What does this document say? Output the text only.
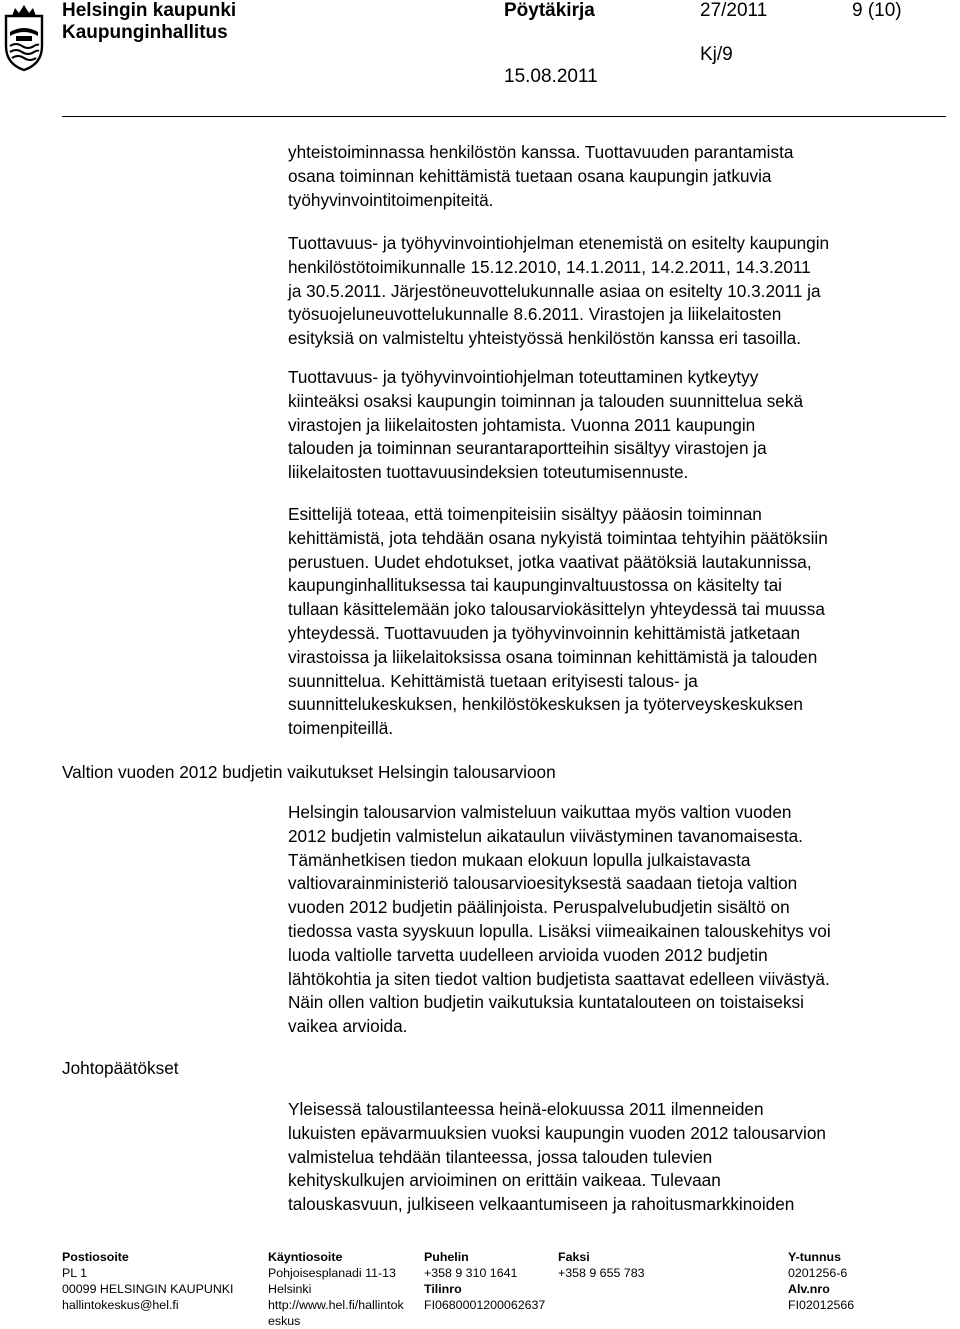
Helsingin kaupunki
Kaupunginhallitus
Pöytäkirja	27/2011	9 (10)
Kj/9
15.08.2011

yhteistoiminnassa henkilöstön kanssa. Tuottavuuden parantamista
osana toiminnan kehittämistä tuetaan osana kaupungin jatkuvia
työhyvinvointitoimenpiteitä.

Tuottavuus- ja työhyvinvointiohjelman etenemistä on esitelty kaupungin
henkilöstötoimikunnalle 15.12.2010, 14.1.2011, 14.2.2011, 14.3.2011
ja 30.5.2011. Järjestöneuvottelukunnalle asiaa on esitelty 10.3.2011 ja
työsuojeluneuvottelukunnalle 8.6.2011. Virastojen ja liikelaitosten
esityksiä on valmisteltu yhteistyössä henkilöstön kanssa eri tasoilla.

Tuottavuus- ja työhyvinvointiohjelman toteuttaminen kytkeytyy
kiinteäksi osaksi kaupungin toiminnan ja talouden suunnittelua sekä
virastojen ja liikelaitosten johtamista. Vuonna 2011 kaupungin
talouden ja toiminnan seurantaraportteihin sisältyy virastojen ja
liikelaitosten tuottavuusindeksien toteutumisennuste.

Esittelijä toteaa, että toimenpiteisiin sisältyy pääosin toiminnan
kehittämistä, jota tehdään osana nykyistä toimintaa tehtyihin päätöksiin
perustuen. Uudet ehdotukset, jotka vaativat päätöksiä lautakunnissa,
kaupunginhallituksessa tai kaupunginvaltuustossa on käsitelty tai
tullaan käsittelemään joko talousarviokäsittelyn yhteydessä tai muussa
yhteydessä. Tuottavuuden ja työhyvinvoinnin kehittämistä jatketaan
virastoissa ja liikelaitoksissa osana toiminnan kehittämistä ja talouden
suunnittelua. Kehittämistä tuetaan erityisesti talous- ja
suunnittelukeskuksen, henkilöstökeskuksen ja työterveyskeskuksen
toimenpiteillä.

Valtion vuoden 2012 budjetin vaikutukset Helsingin talousarvioon

Helsingin talousarvion valmisteluun vaikuttaa myös valtion vuoden
2012 budjetin valmistelun aikataulun viivästyminen tavanomaisesta.
Tämänhetkisen tiedon mukaan elokuun lopulla julkaistavasta
valtiovarainministeriö talousarvioesityksestä saadaan tietoja valtion
vuoden 2012 budjetin päälinjoista. Peruspalvelubudjetin sisältö on
tiedossa vasta syyskuun lopulla. Lisäksi viimeaikainen talouskehitys voi
luoda valtiolle tarvetta uudelleen arvioida vuoden 2012 budjetin
lähtökohtia ja siten tiedot valtion budjetista saattavat edelleen viivästyä.
Näin ollen valtion budjetin vaikutuksia kuntatalouteen on toistaiseksi
vaikea arvioida.

Johtopäätökset

Yleisessä taloustilanteessa heinä-elokuussa 2011 ilmenneiden
lukuisten epävarmuuksien vuoksi kaupungin vuoden 2012 talousarvion
valmistelua tehdään tilanteessa, jossa talouden tulevien
kehityskulkujen arvioiminen on erittäin vaikeaa. Tulevaan
talouskasvuun, julkiseen velkaantumiseen ja rahoitusmarkkinoiden

Postiosoite
PL 1
00099 HELSINGIN KAUPUNKI
hallintokeskus@hel.fi
Käyntiosoite
Pohjoisesplanadi 11-13
Helsinki
http://www.hel.fi/hallintok
eskus
Puhelin
+358 9 310 1641
Tilinro
FI0680001200062637
Faksi
+358 9 655 783
Y-tunnus
0201256-6
Alv.nro
FI02012566
